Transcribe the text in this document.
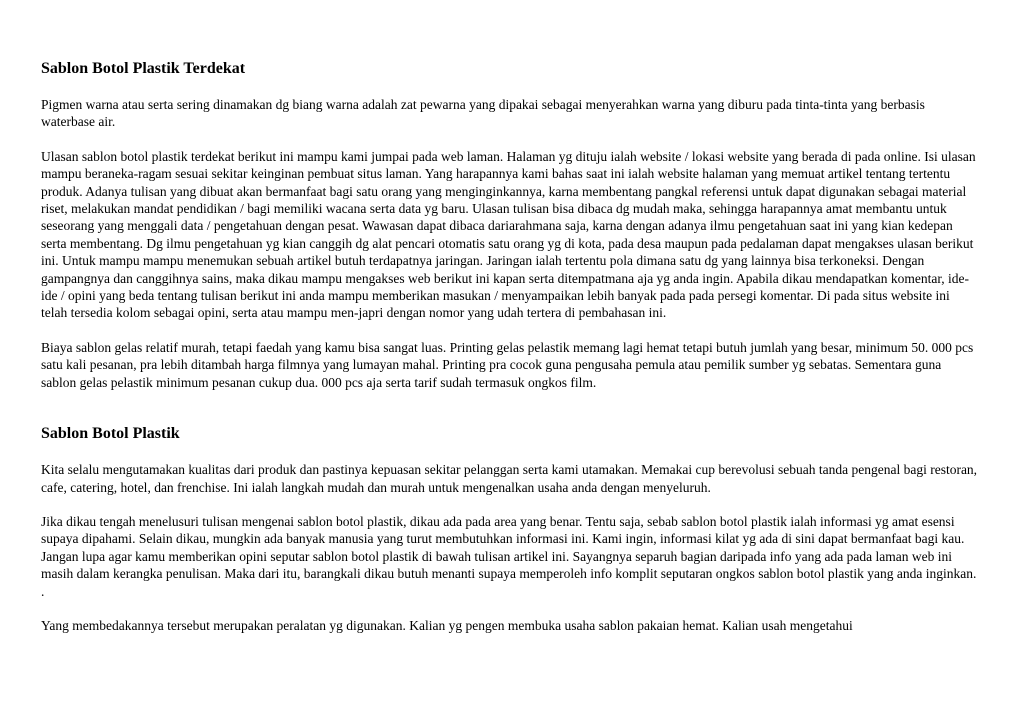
Sablon Botol Plastik Terdekat

Pigmen warna atau serta sering dinamakan dg biang warna adalah zat pewarna yang dipakai sebagai menyerahkan warna yang diburu pada tinta-tinta yang berbasis waterbase air.

Ulasan sablon botol plastik terdekat berikut ini mampu kami jumpai pada web laman. Halaman yg dituju ialah website / lokasi website yang berada di pada online. Isi ulasan mampu beraneka-ragam sesuai sekitar keinginan pembuat situs laman. Yang harapannya kami bahas saat ini ialah website halaman yang memuat artikel tentang tertentu produk. Adanya tulisan yang dibuat akan bermanfaat bagi satu orang yang menginginkannya, karna membentang pangkal referensi untuk dapat digunakan sebagai material riset, melakukan mandat pendidikan / bagi memiliki wacana serta data yg baru. Ulasan tulisan bisa dibaca dg mudah maka, sehingga harapannya amat membantu untuk seseorang yang menggali data / pengetahuan dengan pesat. Wawasan dapat dibaca dariarahmana saja, karna dengan adanya ilmu pengetahuan saat ini yang kian kedepan serta membentang. Dg ilmu pengetahuan yg kian canggih dg alat pencari otomatis satu orang yg di kota, pada desa maupun pada pedalaman dapat mengakses ulasan berikut ini. Untuk mampu mampu menemukan sebuah artikel butuh terdapatnya jaringan. Jaringan ialah tertentu pola dimana satu dg yang lainnya bisa terkoneksi. Dengan gampangnya dan canggihnya sains, maka dikau mampu mengakses web berikut ini kapan serta ditempatmana aja yg anda ingin. Apabila dikau mendapatkan komentar, ide-ide / opini yang beda tentang tulisan berikut ini anda mampu memberikan masukan / menyampaikan lebih banyak pada pada persegi komentar. Di pada situs website ini telah tersedia kolom sebagai opini, serta atau mampu men-japri dengan nomor yang udah tertera di pembahasan ini.

Biaya sablon gelas relatif murah, tetapi faedah yang kamu bisa sangat luas. Printing gelas pelastik memang lagi hemat tetapi butuh jumlah yang besar, minimum 50. 000 pcs satu kali pesanan, pra lebih ditambah harga filmnya yang lumayan mahal. Printing pra cocok guna pengusaha pemula atau pemilik sumber yg sebatas. Sementara guna sablon gelas pelastik minimum pesanan cukup dua. 000 pcs aja serta tarif sudah termasuk ongkos film.

Sablon Botol Plastik

Kita selalu mengutamakan kualitas dari produk dan pastinya kepuasan sekitar pelanggan serta kami utamakan. Memakai cup berevolusi sebuah tanda pengenal bagi restoran, cafe, catering, hotel, dan frenchise. Ini ialah langkah mudah dan murah untuk mengenalkan usaha anda dengan menyeluruh.

Jika dikau tengah menelusuri tulisan mengenai sablon botol plastik, dikau ada pada area yang benar. Tentu saja, sebab sablon botol plastik ialah informasi yg amat esensi supaya dipahami. Selain dikau, mungkin ada banyak manusia yang turut membutuhkan informasi ini. Kami ingin, informasi kilat yg ada di sini dapat bermanfaat bagi kau. Jangan lupa agar kamu memberikan opini seputar sablon botol plastik di bawah tulisan artikel ini. Sayangnya separuh bagian daripada info yang ada pada laman web ini masih dalam kerangka penulisan. Maka dari itu, barangkali dikau butuh menanti supaya memperoleh info komplit seputaran ongkos sablon botol plastik yang anda inginkan.

.

Yang membedakannya tersebut merupakan peralatan yg digunakan. Kalian yg pengen membuka usaha sablon pakaian hemat. Kalian usah mengetahui
